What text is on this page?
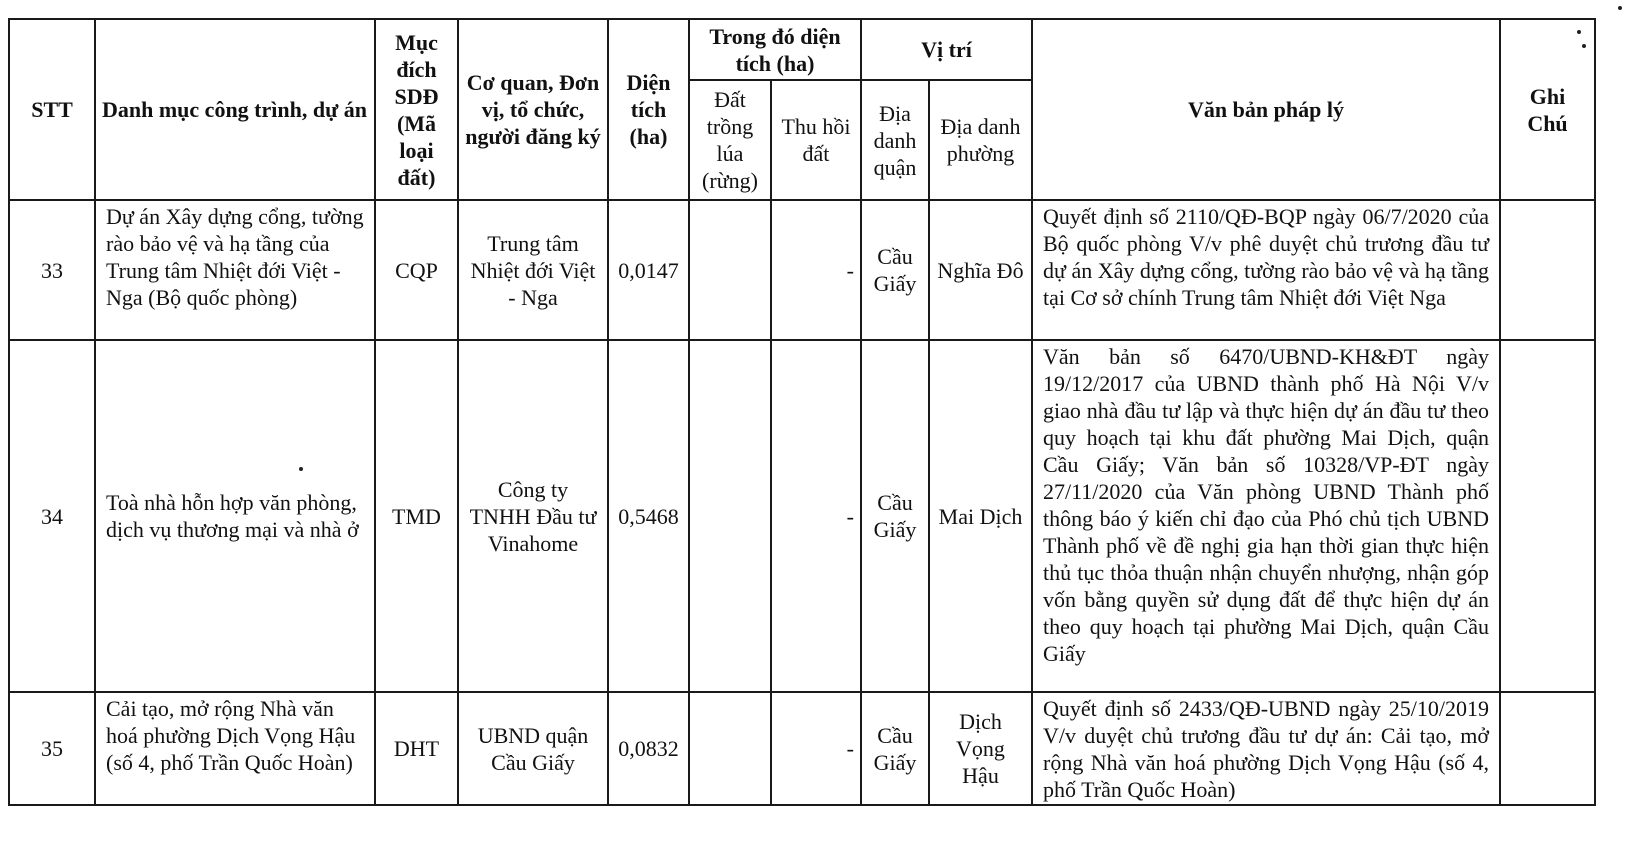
STT	Danh mục công trình, dự án	Mục đích SDĐ (Mã loại đất)	Cơ quan, Đơn vị, tổ chức, người đăng ký	Diện tích (ha)	Trong đó diện tích (ha)		Vị trí		Văn bản pháp lý	Ghi Chú
					Đất trồng lúa (rừng)	Thu hồi đất	Địa danh quận	Địa danh phường		
33	Dự án Xây dựng cổng, tường rào bảo vệ và hạ tầng của Trung tâm Nhiệt đới Việt - Nga (Bộ quốc phòng)	CQP	Trung tâm Nhiệt đới Việt - Nga	0,0147		-	Cầu Giấy	Nghĩa Đô	Quyết định số 2110/QĐ-BQP ngày 06/7/2020 của Bộ quốc phòng V/v phê duyệt chủ trương đầu tư dự án Xây dựng cổng, tường rào bảo vệ và hạ tầng tại Cơ sở chính Trung tâm Nhiệt đới Việt Nga	
34	Toà nhà hỗn hợp văn phòng, dịch vụ thương mại và nhà ở	TMD	Công ty TNHH Đầu tư Vinahome	0,5468		-	Cầu Giấy	Mai Dịch	Văn bản số 6470/UBND-KH&ĐT ngày 19/12/2017 của UBND thành phố Hà Nội V/v giao nhà đầu tư lập và thực hiện dự án đầu tư theo quy hoạch tại khu đất phường Mai Dịch, quận Cầu Giấy; Văn bản số 10328/VP-ĐT ngày 27/11/2020 của Văn phòng UBND Thành phố thông báo ý kiến chỉ đạo của Phó chủ tịch UBND Thành phố về đề nghị gia hạn thời gian thực hiện thủ tục thỏa thuận nhận chuyển nhượng, nhận góp vốn bằng quyền sử dụng đất để thực hiện dự án theo quy hoạch tại phường Mai Dịch, quận Cầu Giấy	
35	Cải tạo, mở rộng Nhà văn hoá phường Dịch Vọng Hậu (số 4, phố Trần Quốc Hoàn)	DHT	UBND quận Cầu Giấy	0,0832		-	Cầu Giấy	Dịch Vọng Hậu	Quyết định số 2433/QĐ-UBND ngày 25/10/2019 V/v duyệt chủ trương đầu tư dự án: Cải tạo, mở rộng Nhà văn hoá phường Dịch Vọng Hậu (số 4, phố Trần Quốc Hoàn)	
